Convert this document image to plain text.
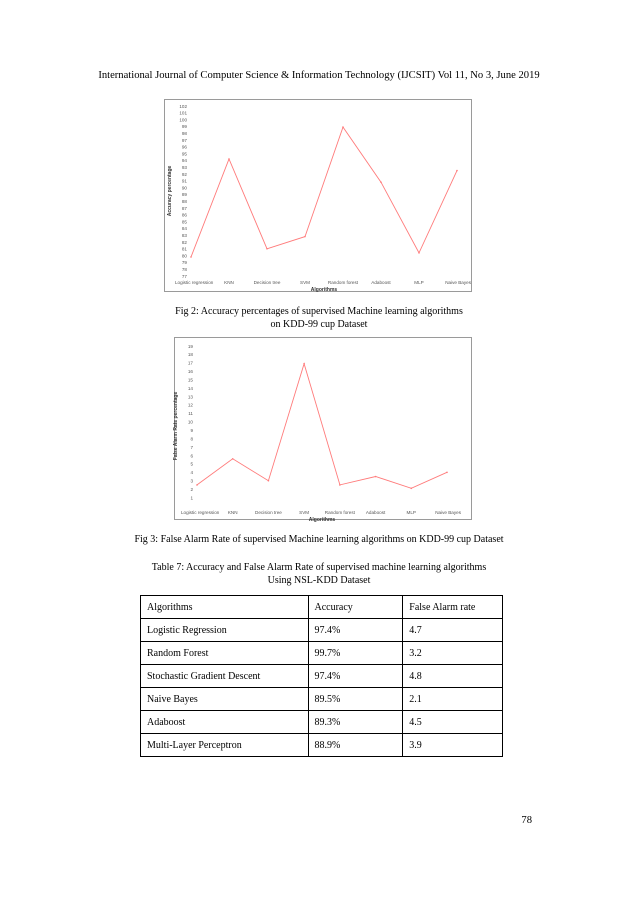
International Journal of Computer Science & Information Technology (IJCSIT) Vol 11, No 3, June 2019
77
78
79
80
81
82
83
84
85
86
87
88
89
90
91
92
93
94
95
96
97
98
99
100
101
102
Logistic regression KNN	Decision tree	SVM	Random forest	Adaboost	MLP	Naive Bayes
Algorithms
Accuracy percentage
Fig 2: Accuracy percentages of supervised Machine learning algorithms
on KDD-99 cup Dataset
1
2
3
4
5
6
7
8
9
10
11
12
13
14
15
16
17
18
19
Logistic regression KNN	Decision tree	SVM	Random forest Adaboost	MLP	Naive Bayes
Algorithms
False Alarm Rate percentage
Fig 3: False Alarm Rate of supervised Machine learning algorithms on KDD-99 cup Dataset
Table 7: Accuracy and False Alarm Rate of supervised machine learning algorithms
Using NSL-KDD Dataset
Algorithms	Accuracy	False Alarm rate
Logistic Regression	97.4%	4.7
Random Forest	99.7%	3.2
Stochastic Gradient Descent	97.4%	4.8
Naive Bayes	89.5%	2.1
Adaboost	89.3%	4.5
Multi-Layer Perceptron	88.9%	3.9
78
